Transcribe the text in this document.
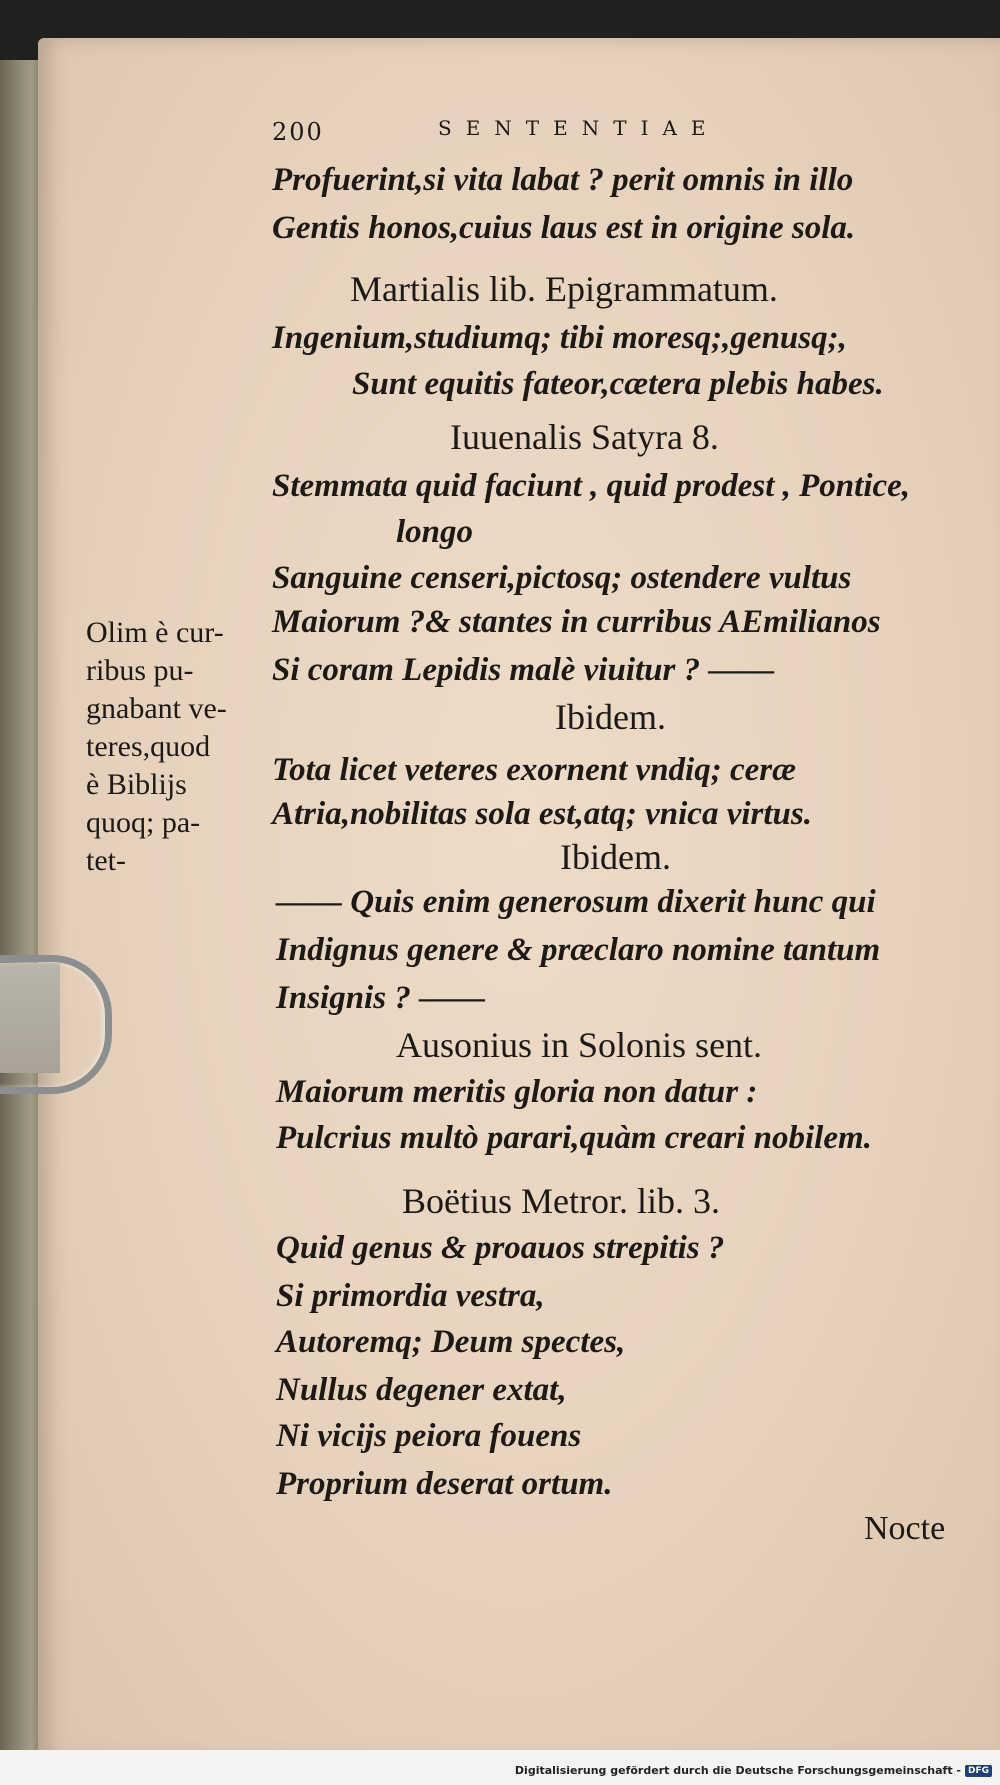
200	SENTENTIAE
Profuerint,si vita labat ? perit omnis in illo
Gentis honos,cuius laus est in origine sola.
Martialis lib. Epigrammatum.
Ingenium,studiumq; tibi moresq;,genusq;,
Sunt equitis fateor,cætera plebis habes.
Iuuenalis Satyra 8.
Stemmata quid faciunt , quid prodest , Pontice,
longo
Sanguine censeri,pictosq; ostendere vultus
Maiorum ?& stantes in curribus AEmilianos
Si coram Lepidis malè viuitur ? ——
Ibidem.
Tota licet veteres exornent vndiq; ceræ
Atria,nobilitas sola est,atq; vnica virtus.
Ibidem.
—— Quis enim generosum dixerit hunc qui
Indignus genere & præclaro nomine tantum
Insignis ? ——
Ausonius in Solonis sent.
Maiorum meritis gloria non datur :
Pulcrius multò parari,quàm creari nobilem.
Boëtius Metror. lib. 3.
Quid genus & proauos strepitis ?
Si primordia vestra,
Autoremq; Deum spectes,
Nullus degener extat,
Ni vicijs peiora fouens
Proprium deserat ortum.
Olim è cur-
ribus pu-
gnabant ve-
teres,quod
è Biblijs
quoq; pa-
tet-
Nocte
Digitalisierung gefördert durch die Deutsche Forschungsgemeinschaft - DFG
